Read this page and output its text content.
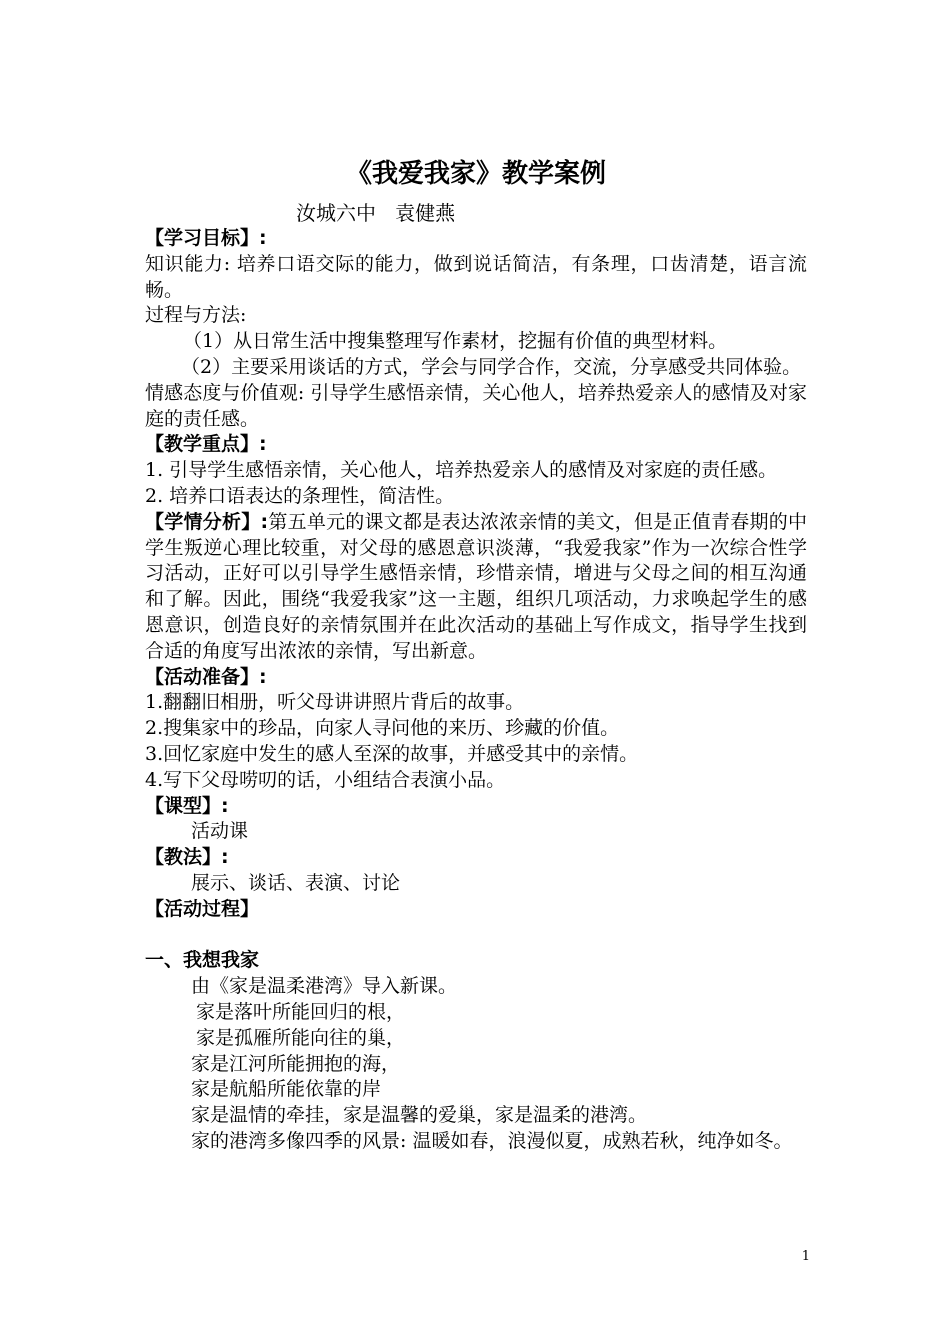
《我爱我家》教学案例
汝城六中   袁健燕

【学习目标】:

知识能力: 培养口语交际的能力，做到说话简洁，有条理，口齿清楚，语言流畅。

过程与方法:

（1）从日常生活中搜集整理写作素材，挖掘有价值的典型材料。

（2）主要采用谈话的方式，学会与同学合作，交流，分享感受共同体验。

情感态度与价值观: 引导学生感悟亲情，关心他人，培养热爱亲人的感情及对家庭的责任感。

【教学重点】:

1. 引导学生感悟亲情，关心他人，培养热爱亲人的感情及对家庭的责任感。

2. 培养口语表达的条理性，简洁性。

【学情分析】:第五单元的课文都是表达浓浓亲情的美文，但是正值青春期的中学生叛逆心理比较重，对父母的感恩意识淡薄，“我爱我家”作为一次综合性学习活动，正好可以引导学生感悟亲情，珍惜亲情，增进与父母之间的相互沟通和了解。因此，围绕“我爱我家”这一主题，组织几项活动，力求唤起学生的感恩意识，创造良好的亲情氛围并在此次活动的基础上写作成文，指导学生找到合适的角度写出浓浓的亲情，写出新意。

【活动准备】:

1.翻翻旧相册，听父母讲讲照片背后的故事。

2.搜集家中的珍品，向家人寻问他的来历、珍藏的价值。

3.回忆家庭中发生的感人至深的故事，并感受其中的亲情。

4.写下父母唠叨的话，小组结合表演小品。

【课型】:

活动课

【教法】:

展示、谈话、表演、讨论

【活动过程】

一、我想我家

由《家是温柔港湾》导入新课。

家是落叶所能回归的根，

家是孤雁所能向往的巢，

家是江河所能拥抱的海，

家是航船所能依靠的岸

家是温情的牵挂，家是温馨的爱巢，家是温柔的港湾。

家的港湾多像四季的风景: 温暖如春，浪漫似夏，成熟若秋，纯净如冬。

1
